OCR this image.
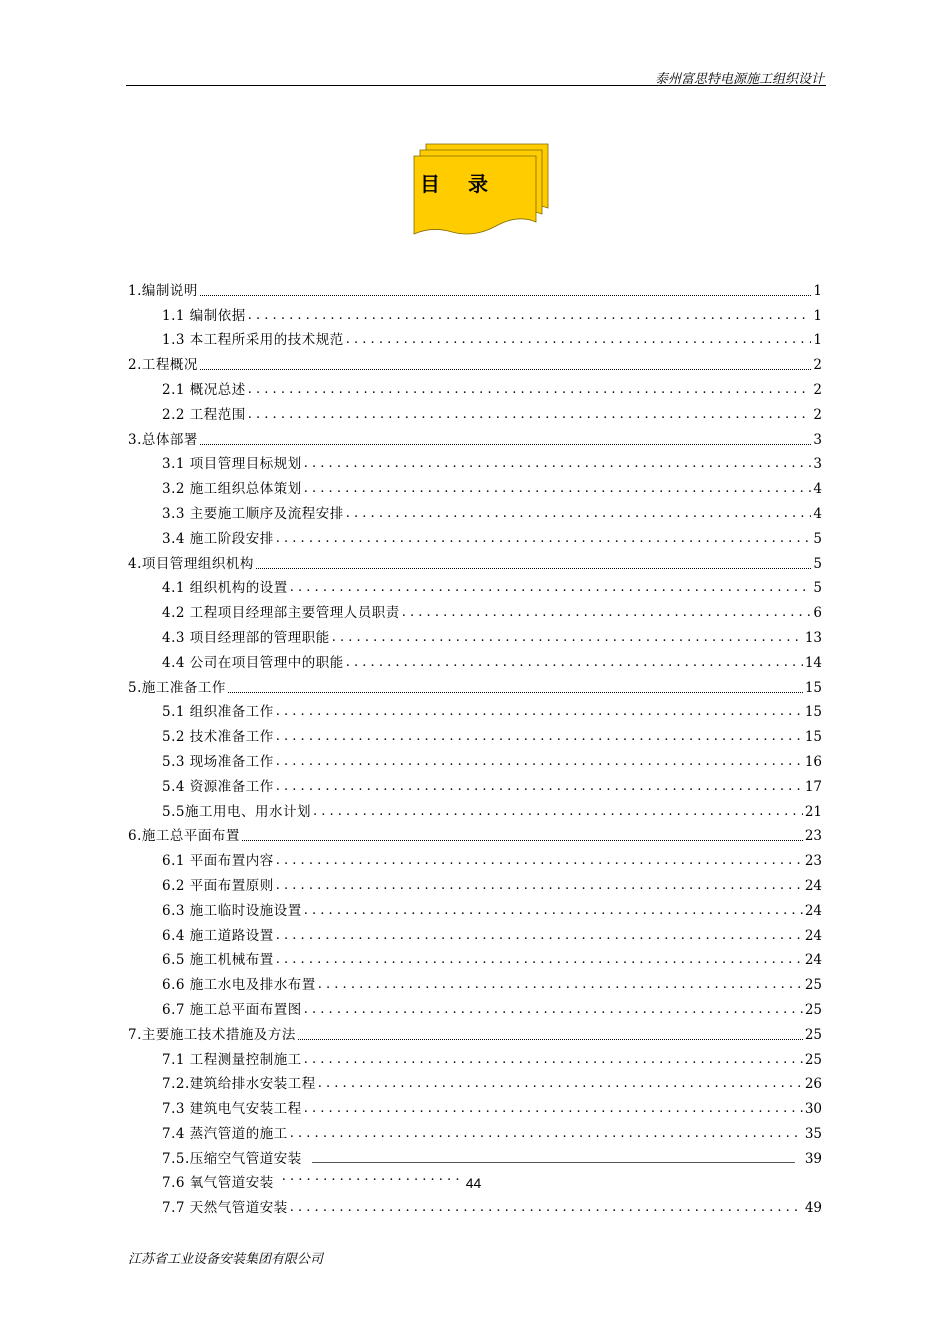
泰州富思特电源施工组织设计
目录
1.编制说明	1
1.1 编制依据 . . .	1
1.3 本工程所采用的技术规范 . . .	1
2.工程概况	2
2.1 概况总述 . . .	2
2.2 工程范围 . . .	2
3.总体部署	3
3.1 项目管理目标规划 . . .	3
3.2 施工组织总体策划 . . .	4
3.3 主要施工顺序及流程安排 . . .	4
3.4 施工阶段安排 . . .	5
4.项目管理组织机构	5
4.1 组织机构的设置 . . .	5
4.2 工程项目经理部主要管理人员职责 . . .	6
4.3 项目经理部的管理职能 . . .	13
4.4 公司在项目管理中的职能 . . .	14
5.施工准备工作	15
5.1 组织准备工作 . . .	15
5.2 技术准备工作 . . .	15
5.3 现场准备工作 . . .	16
5.4 资源准备工作 . . .	17
5.5施工用电、用水计划 . . .	21
6.施工总平面布置	23
6.1 平面布置内容 . . .	23
6.2 平面布置原则 . . .	24
6.3 施工临时设施设置 . . .	24
6.4 施工道路设置 . . .	24
6.5 施工机械布置 . . .	24
6.6 施工水电及排水布置 . . .	25
6.7 施工总平面布置图 . . .	25
7.主要施工技术措施及方法	25
7.1 工程测量控制施工 . . .	25
7.2.建筑给排水安装工程 . . .	26
7.3 建筑电气安装工程 . . .	30
7.4 蒸汽管道的施工 . . .	35
7.5.压缩空气管道安装	39
7.6 氧气管道安装 . . .	44
7.7 天然气管道安装 . . .	49
江苏省工业设备安装集团有限公司
